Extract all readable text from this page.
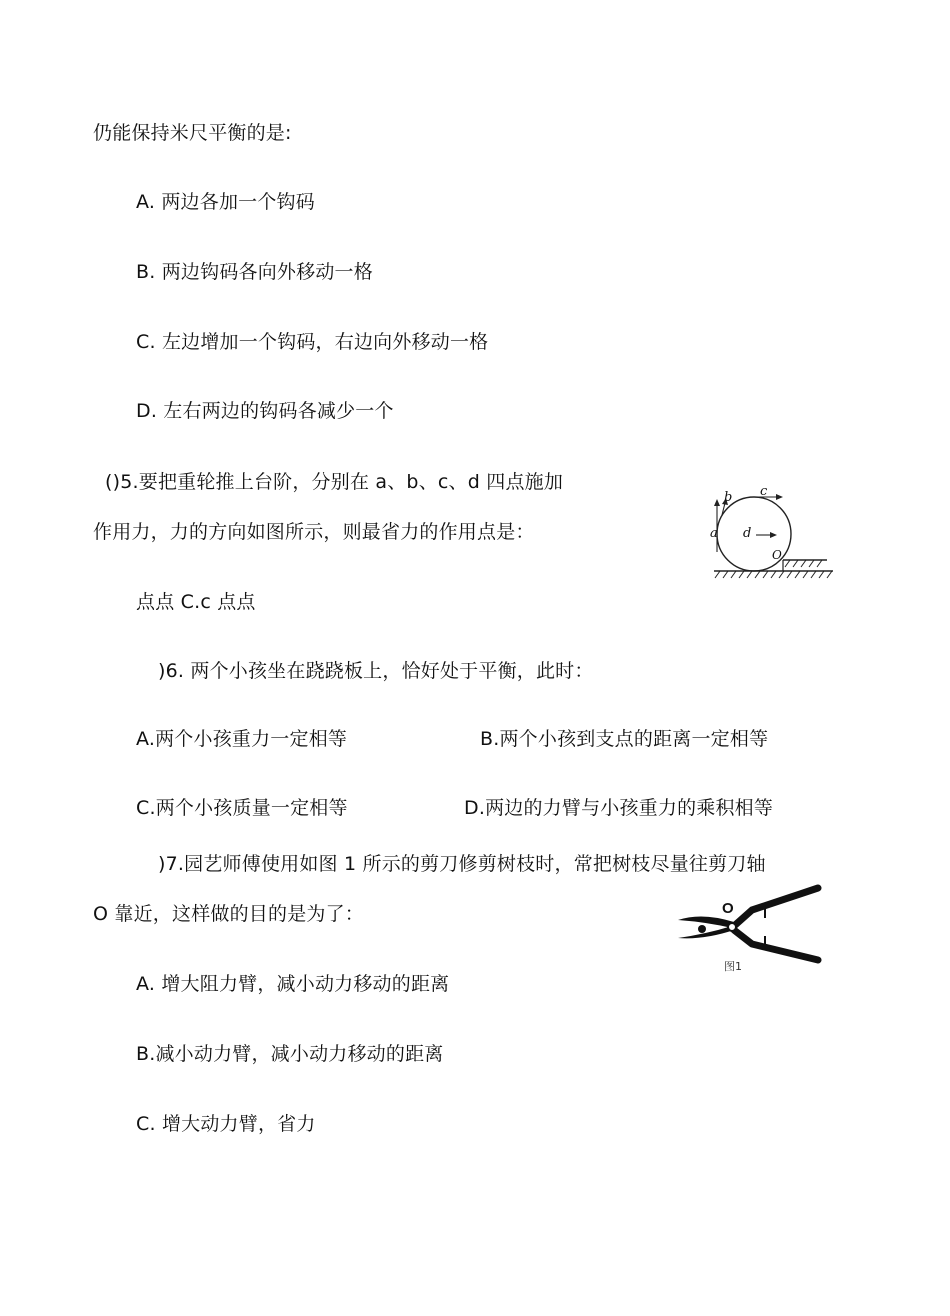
仍能保持米尺平衡的是:
A. 两边各加一个钩码
B. 两边钩码各向外移动一格
C. 左边增加一个钩码，右边向外移动一格
D. 左右两边的钩码各减少一个
()5.要把重轮推上台阶，分别在 a、b、c、d 四点施加
作用力，力的方向如图所示，则最省力的作用点是：
点点 C.c 点点
a
b c
d
O
)6. 两个小孩坐在跷跷板上，恰好处于平衡，此时：
A.两个小孩重力一定相等	B.两个小孩到支点的距离一定相等
C.两个小孩质量一定相等	D.两边的力臂与小孩重力的乘积相等
)7.园艺师傅使用如图 1 所示的剪刀修剪树枝时，常把树枝尽量往剪刀轴
O 靠近，这样做的目的是为了：
A. 增大阻力臂，减小动力移动的距离
B.减小动力臂，减小动力移动的距离
C. 增大动力臂，省力
O
图1
